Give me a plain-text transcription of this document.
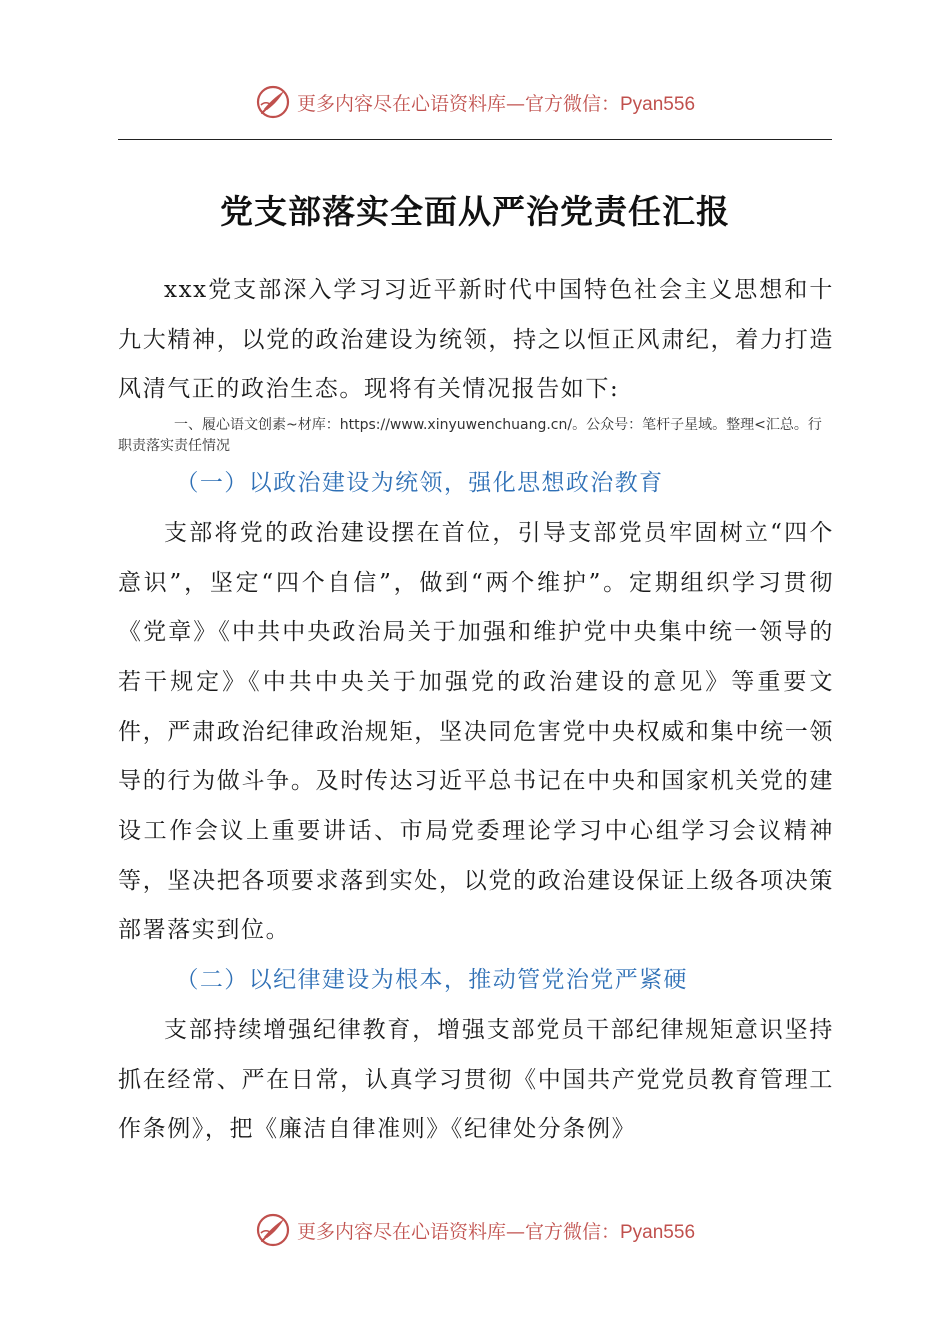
更多内容尽在心语资料库—官方微信：Pyan556
党支部落实全面从严治党责任汇报

xxx党支部深入学习习近平新时代中国特色社会主义思想和十九大精神，以党的政治建设为统领，持之以恒正风肃纪，着力打造风清气正的政治生态。现将有关情况报告如下:

一、履心语文创素~材库：https://www.xinyuwenchuang.cn/。公众号：笔杆子星域。整理<汇总。行职责落实责任情况

（一）以政治建设为统领，强化思想政治教育

支部将党的政治建设摆在首位，引导支部党员牢固树立“四个意识”，坚定“四个自信”，做到“两个维护”。定期组织学习贯彻《党章》《中共中央政治局关于加强和维护党中央集中统一领导的若干规定》《中共中央关于加强党的政治建设的意见》等重要文件，严肃政治纪律政治规矩，坚决同危害党中央权威和集中统一领导的行为做斗争。及时传达习近平总书记在中央和国家机关党的建设工作会议上重要讲话、市局党委理论学习中心组学习会议精神等，坚决把各项要求落到实处，以党的政治建设保证上级各项决策部署落实到位。

（二）以纪律建设为根本，推动管党治党严紧硬

支部持续增强纪律教育，增强支部党员干部纪律规矩意识坚持抓在经常、严在日常，认真学习贯彻《中国共产党党员教育管理工作条例》，把《廉洁自律准则》《纪律处分条例》

更多内容尽在心语资料库—官方微信：Pyan556
